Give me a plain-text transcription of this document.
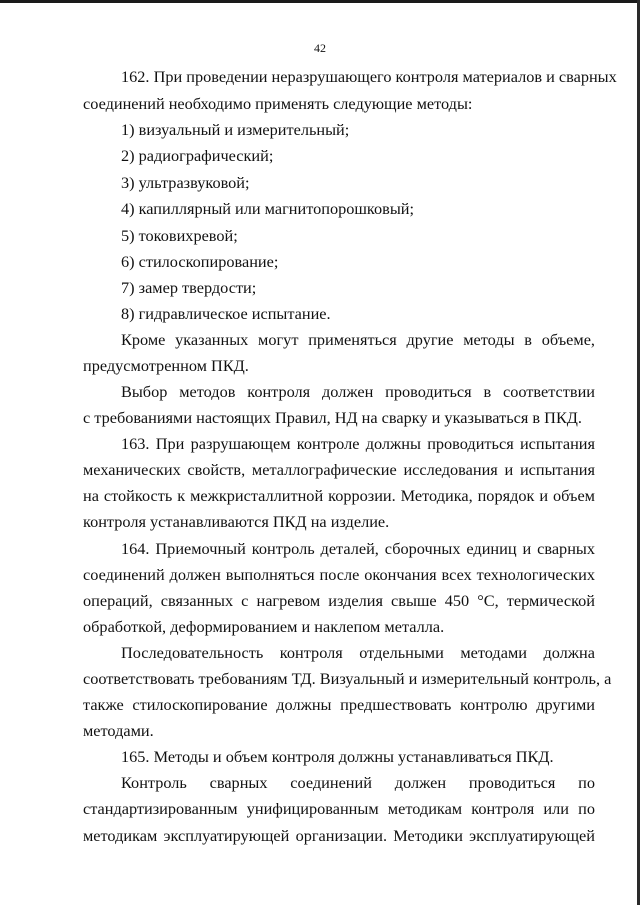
42
162. При проведении неразрушающего контроля материалов и сварных
соединений необходимо применять следующие методы:
1) визуальный и измерительный;
2) радиографический;
3) ультразвуковой;
4) капиллярный или магнитопорошковый;
5) токовихревой;
6) стилоскопирование;
7) замер твердости;
8) гидравлическое испытание.
Кроме указанных могут применяться другие методы в объеме,
предусмотренном ПКД.
Выбор методов контроля должен проводиться в соответствии
с требованиями настоящих Правил, НД на сварку и указываться в ПКД.
163. При разрушающем контроле должны проводиться испытания
механических свойств, металлографические исследования и испытания
на стойкость к межкристаллитной коррозии. Методика, порядок и объем
контроля устанавливаются ПКД на изделие.
164. Приемочный контроль деталей, сборочных единиц и сварных
соединений должен выполняться после окончания всех технологических
операций, связанных с нагревом изделия свыше 450 °С, термической
обработкой, деформированием и наклепом металла.
Последовательность контроля отдельными методами должна
соответствовать требованиям ТД. Визуальный и измерительный контроль, а
также стилоскопирование должны предшествовать контролю другими
методами.
165. Методы и объем контроля должны устанавливаться ПКД.
Контроль сварных соединений должен проводиться по
стандартизированным унифицированным методикам контроля или по
методикам эксплуатирующей организации. Методики эксплуатирующей
